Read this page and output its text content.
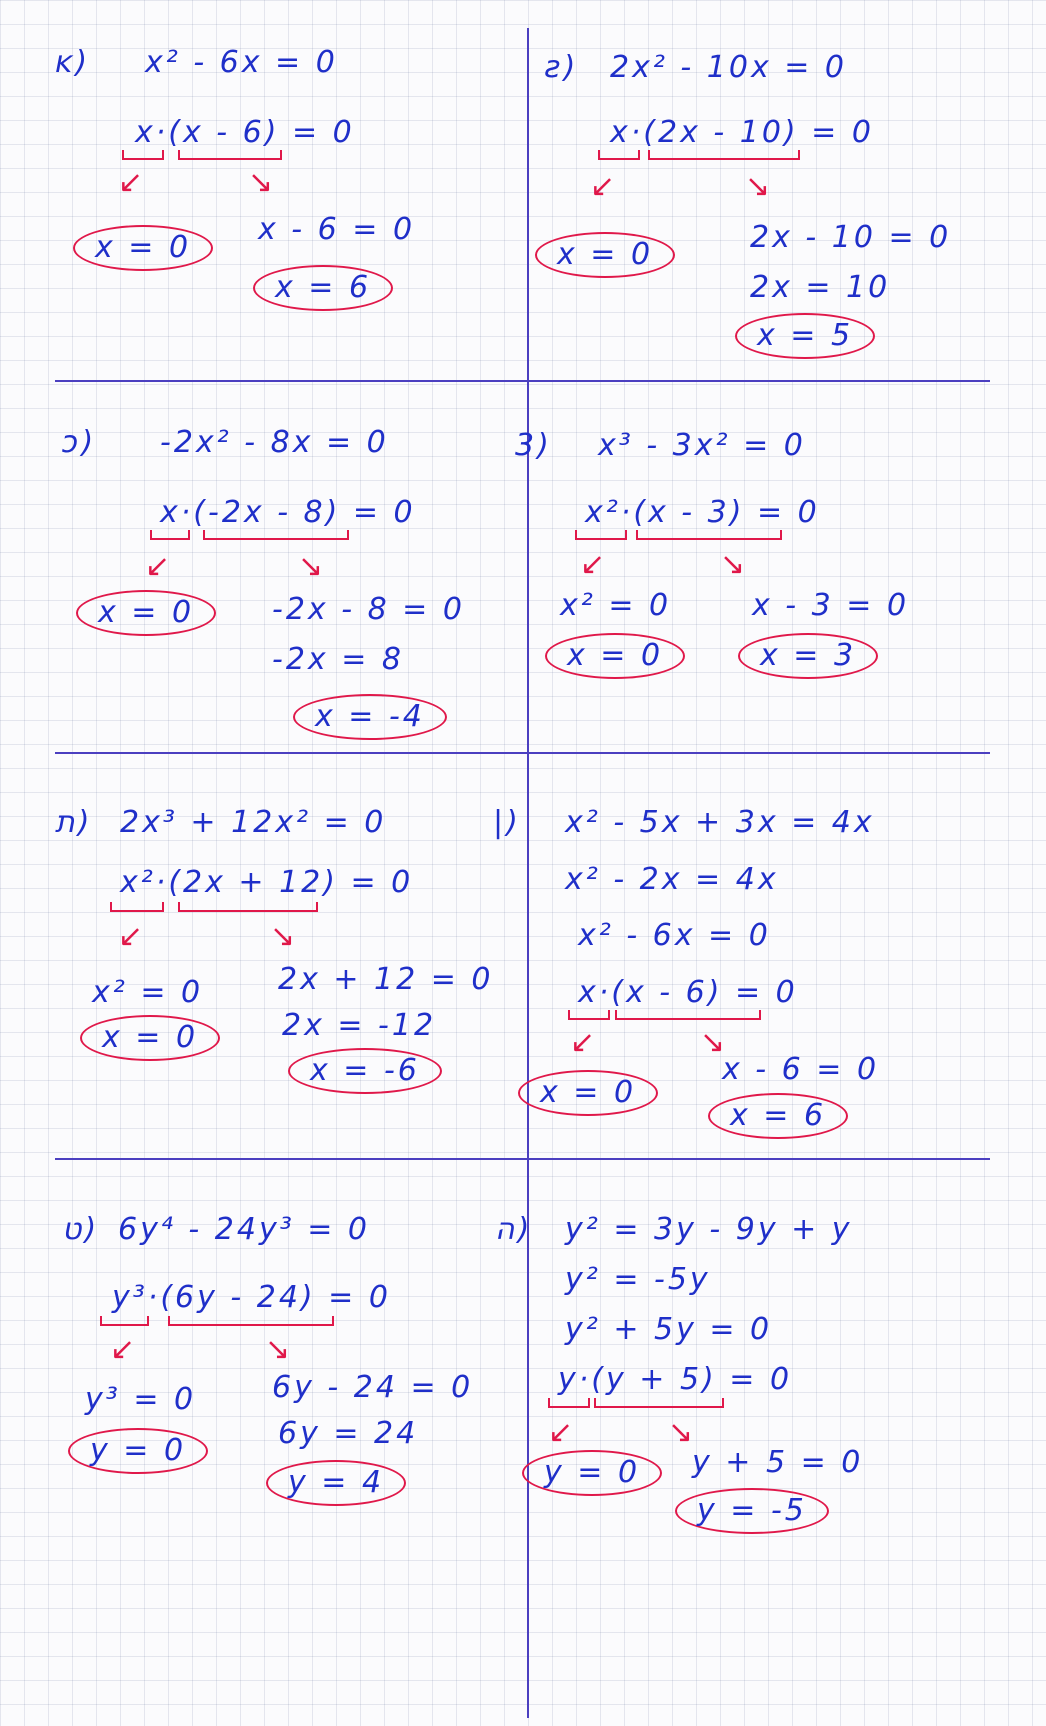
ĸ) x² - 6x = 0
x·(x - 6) = 0
↙	↘
x = 0
x - 6 = 0
x = 6
ƨ) 2x² - 10x = 0
x·(2x - 10) = 0
↙	↘
x = 0	2x - 10 = 0
2x = 10
x = 5
ɔ) -2x² - 8x = 0
x·(-2x - 8) = 0
↙	↘
x = 0	-2x - 8 = 0
-2x = 8
x = -4
3) x³ - 3x² = 0
x²·(x - 3) = 0
↙	↘
x² = 0
x = 0
x - 3 = 0
x = 3
ת) 2x³ + 12x² = 0
x²·(2x + 12) = 0
↙	↘
x² = 0
x = 0
2x + 12 = 0
2x = -12
x = -6
|) x² - 5x + 3x = 4x
x² - 2x = 4x
x² - 6x = 0
x·(x - 6) = 0
↙	↘
x = 0
x - 6 = 0
x = 6
ט) 6y⁴ - 24y³ = 0
y³·(6y - 24) = 0
↙	↘
y³ = 0
y = 0
6y - 24 = 0
6y = 24
y = 4
ה) y² = 3y - 9y + y
y² = -5y
y² + 5y = 0
y·(y + 5) = 0
↙	↘
y = 0	y + 5 = 0
y = -5
